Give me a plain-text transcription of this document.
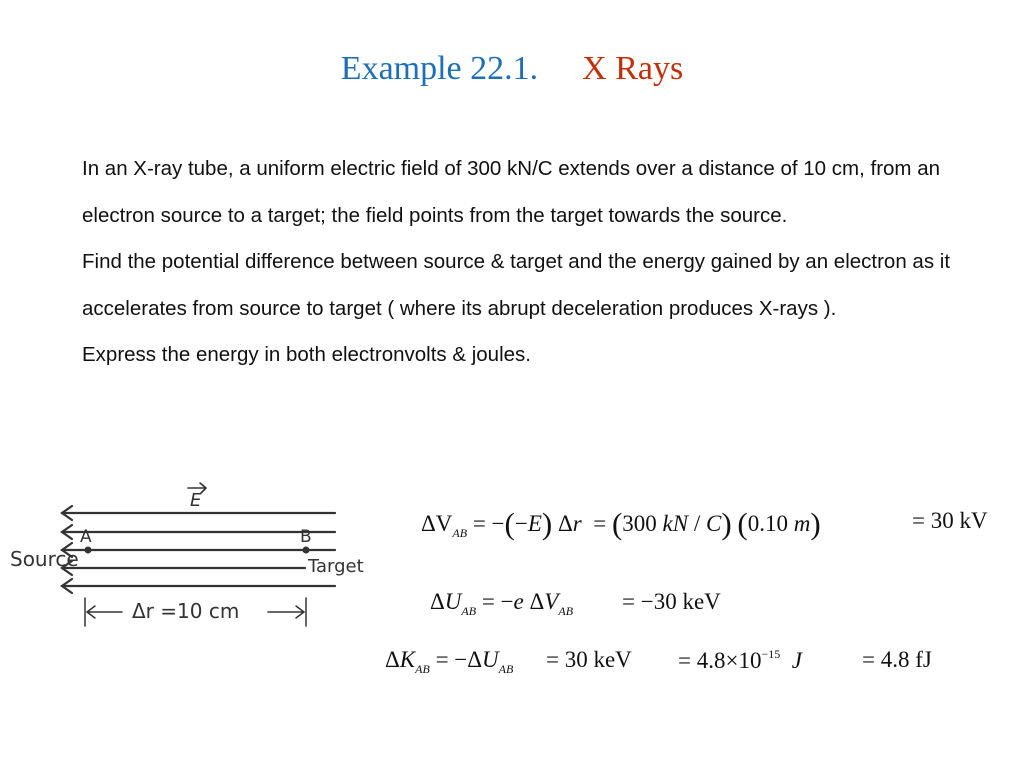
Example 22.1. X Rays

In an X-ray tube, a uniform electric field of 300 kN/C extends over a distance of 10 cm, from an electron source to a target; the field points from the target towards the source.

Find the potential difference between source & target and the energy gained by an electron as it accelerates from source to target ( where its abrupt deceleration produces X-rays ).

Express the energy in both electronvolts & joules.

E
A	B
Source	Target
Δr =10 cm
$\Delta V_{AB} = -(-E) \Delta r = (300$ kN / C) (0.10 m)	= 30 kV
$\Delta U_{AB} = -e$ $\Delta V_{AB} = -30$ keV
$\Delta K_{AB} = -\Delta U_{AB} = 30$ keV = $4.8\times 10^{-15}$ J	= 4.8 fJ
